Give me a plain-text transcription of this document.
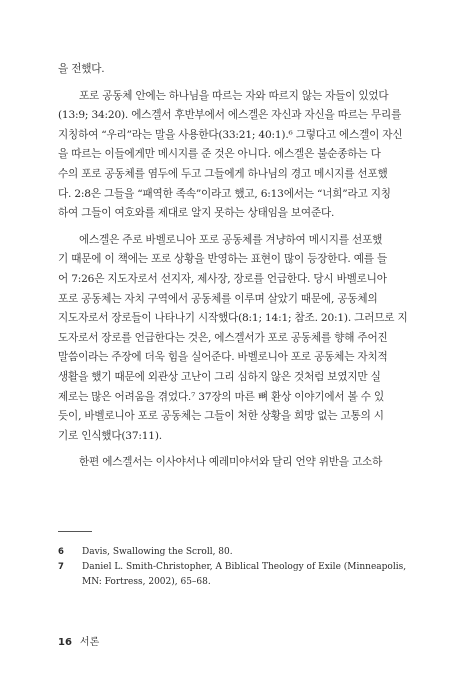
을 전했다.
포로 공동체 안에는 하나님을 따르는 자와 따르지 않는 자들이 있었다
(13:9; 34:20). 에스겔서 후반부에서 에스겔은 자신과 자신을 따르는 무리를
지칭하여 “우리”라는 말을 사용한다(33:21; 40:1).⁶ 그렇다고 에스겔이 자신
을 따르는 이들에게만 메시지를 준 것은 아니다. 에스겔은 불순종하는 다
수의 포로 공동체를 염두에 두고 그들에게 하나님의 경고 메시지를 선포했
다. 2:8은 그들을 “패역한 족속”이라고 했고, 6:13에서는 “너희”라고 지칭
하여 그들이 여호와를 제대로 알지 못하는 상태임을 보여준다.
에스겔은 주로 바벨로니아 포로 공동체를 겨냥하여 메시지를 선포했
기 때문에 이 책에는 포로 상황을 반영하는 표현이 많이 등장한다. 예를 들
어 7:26은 지도자로서 선지자, 제사장, 장로를 언급한다. 당시 바벨로니아
포로 공동체는 자치 구역에서 공동체를 이루며 살았기 때문에, 공동체의
지도자로서 장로들이 나타나기 시작했다(8:1; 14:1; 참조. 20:1). 그러므로 지
도자로서 장로를 언급한다는 것은, 에스겔서가 포로 공동체를 향해 주어진
말씀이라는 주장에 더욱 힘을 실어준다. 바벨로니아 포로 공동체는 자치적
생활을 했기 때문에 외관상 고난이 그리 심하지 않은 것처럼 보였지만 실
제로는 많은 어려움을 겪었다.⁷ 37장의 마른 뼈 환상 이야기에서 볼 수 있
듯이, 바벨로니아 포로 공동체는 그들이 처한 상황을 희망 없는 고통의 시
기로 인식했다(37:11).
한편 에스겔서는 이사야서나 예레미야서와 달리 언약 위반을 고소하
6	Davis, Swallowing the Scroll, 80.
7	Daniel L. Smith-Christopher, A Biblical Theology of Exile (Minneapolis, MN: Fortress, 2002), 65–68.
16 서론
